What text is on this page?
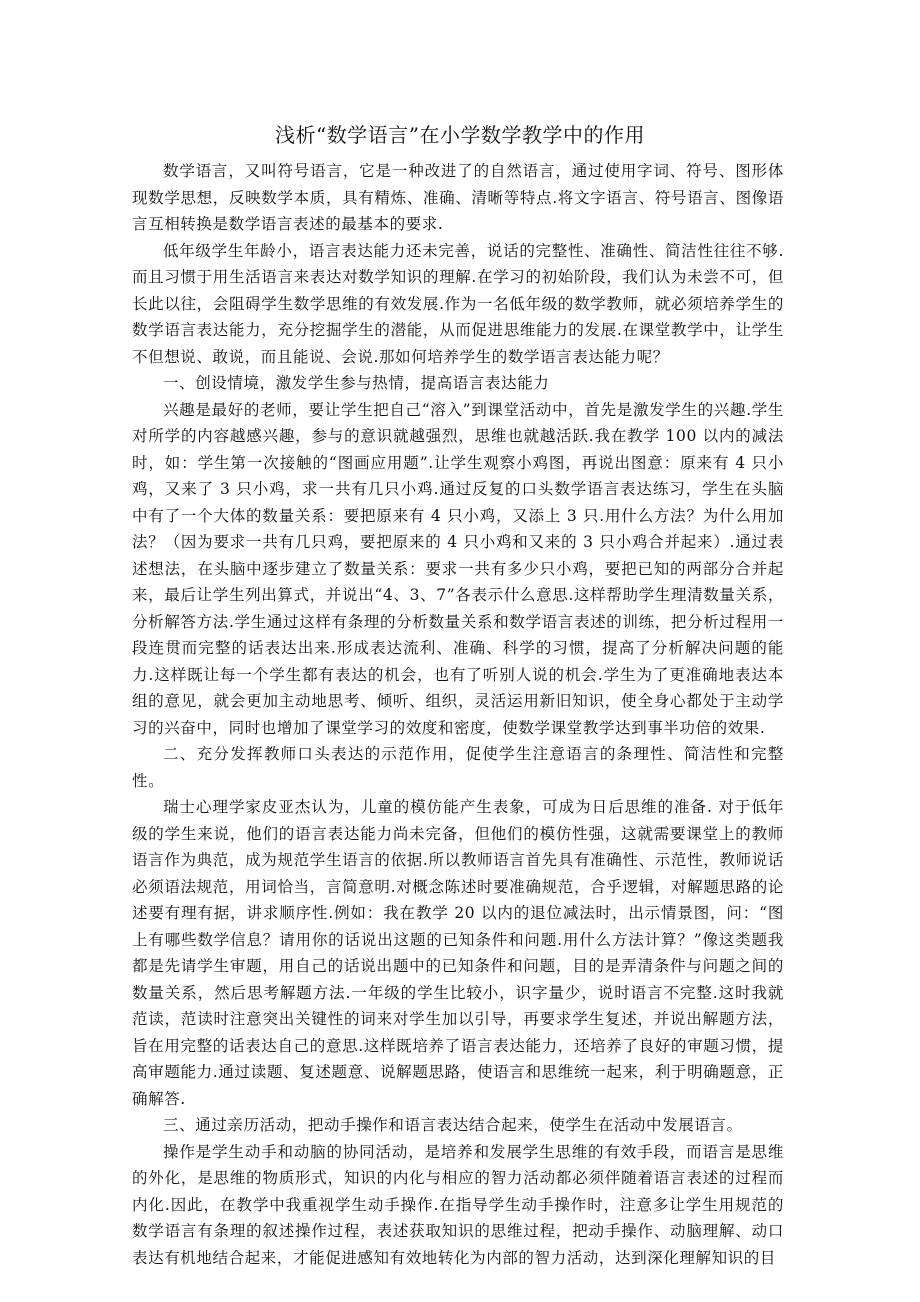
浅析“数学语言”在小学数学教学中的作用

数学语言，又叫符号语言，它是一种改进了的自然语言，通过使用字词、符号、图形体现数学思想，反映数学本质，具有精炼、准确、清晰等特点.将文字语言、符号语言、图像语言互相转换是数学语言表述的最基本的要求.

低年级学生年龄小，语言表达能力还未完善，说话的完整性、准确性、简洁性往往不够.而且习惯于用生活语言来表达对数学知识的理解.在学习的初始阶段，我们认为未尝不可，但长此以往，会阻碍学生数学思维的有效发展.作为一名低年级的数学教师，就必须培养学生的数学语言表达能力，充分挖掘学生的潜能，从而促进思维能力的发展.在课堂教学中，让学生不但想说、敢说，而且能说、会说.那如何培养学生的数学语言表达能力呢？

一、创设情境，激发学生参与热情，提高语言表达能力

兴趣是最好的老师，要让学生把自己“溶入”到课堂活动中，首先是激发学生的兴趣.学生对所学的内容越感兴趣，参与的意识就越强烈，思维也就越活跃.我在教学 100 以内的减法时，如：学生第一次接触的“图画应用题”.让学生观察小鸡图，再说出图意：原来有 4 只小鸡，又来了 3 只小鸡，求一共有几只小鸡.通过反复的口头数学语言表达练习，学生在头脑中有了一个大体的数量关系：要把原来有 4 只小鸡，又添上 3 只.用什么方法？为什么用加法？（因为要求一共有几只鸡，要把原来的 4 只小鸡和又来的 3 只小鸡合并起来）.通过表述想法，在头脑中逐步建立了数量关系：要求一共有多少只小鸡，要把已知的两部分合并起来，最后让学生列出算式，并说出“4、3、7”各表示什么意思.这样帮助学生理清数量关系，分析解答方法.学生通过这样有条理的分析数量关系和数学语言表述的训练，把分析过程用一段连贯而完整的话表达出来.形成表达流利、准确、科学的习惯，提高了分析解决问题的能力.这样既让每一个学生都有表达的机会，也有了听别人说的机会.学生为了更准确地表达本组的意见，就会更加主动地思考、倾听、组织，灵活运用新旧知识，使全身心都处于主动学习的兴奋中，同时也增加了课堂学习的效度和密度，使数学课堂教学达到事半功倍的效果.

二、充分发挥教师口头表达的示范作用，促使学生注意语言的条理性、简洁性和完整性。

瑞士心理学家皮亚杰认为，儿童的模仿能产生表象，可成为日后思维的准备. 对于低年级的学生来说，他们的语言表达能力尚未完备，但他们的模仿性强，这就需要课堂上的教师语言作为典范，成为规范学生语言的依据.所以教师语言首先具有准确性、示范性，教师说话必须语法规范，用词恰当，言简意明.对概念陈述时要准确规范，合乎逻辑，对解题思路的论述要有理有据，讲求顺序性.例如：我在教学 20 以内的退位减法时，出示情景图，问：“图上有哪些数学信息？请用你的话说出这题的已知条件和问题.用什么方法计算？”像这类题我都是先请学生审题，用自己的话说出题中的已知条件和问题，目的是弄清条件与问题之间的数量关系，然后思考解题方法.一年级的学生比较小，识字量少，说时语言不完整.这时我就范读，范读时注意突出关键性的词来对学生加以引导，再要求学生复述，并说出解题方法，旨在用完整的话表达自己的意思.这样既培养了语言表达能力，还培养了良好的审题习惯，提高审题能力.通过读题、复述题意、说解题思路，使语言和思维统一起来，利于明确题意，正确解答.

三、通过亲历活动，把动手操作和语言表达结合起来，使学生在活动中发展语言。

操作是学生动手和动脑的协同活动，是培养和发展学生思维的有效手段，而语言是思维的外化，是思维的物质形式，知识的内化与相应的智力活动都必须伴随着语言表述的过程而内化.因此，在教学中我重视学生动手操作.在指导学生动手操作时，注意多让学生用规范的数学语言有条理的叙述操作过程，表述获取知识的思维过程，把动手操作、动脑理解、动口表达有机地结合起来，才能促进感知有效地转化为内部的智力活动，达到深化理解知识的目
